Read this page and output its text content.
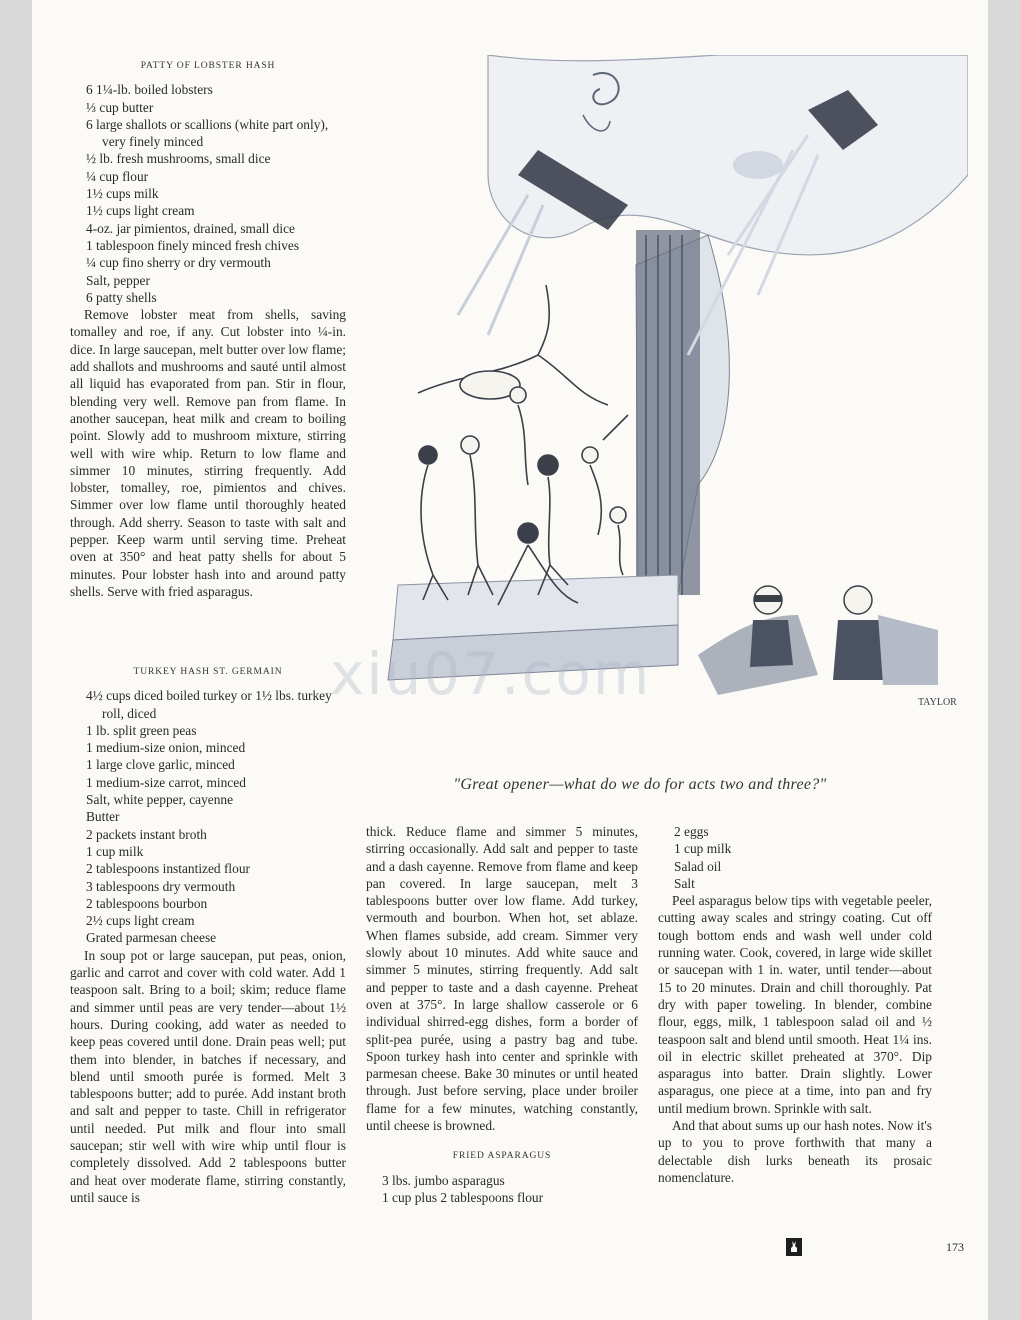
PATTY OF LOBSTER HASH
6 1¼-lb. boiled lobsters
⅓ cup butter
6 large shallots or scallions (white part only), very finely minced
½ lb. fresh mushrooms, small dice
¼ cup flour
1½ cups milk
1½ cups light cream
4-oz. jar pimientos, drained, small dice
1 tablespoon finely minced fresh chives
¼ cup fino sherry or dry vermouth
Salt, pepper
6 patty shells

Remove lobster meat from shells, saving tomalley and roe, if any. Cut lobster into ¼-in. dice. In large saucepan, melt butter over low flame; add shallots and mushrooms and sauté until almost all liquid has evaporated from pan. Stir in flour, blending very well. Remove pan from flame. In another saucepan, heat milk and cream to boiling point. Slowly add to mushroom mixture, stirring well with wire whip. Return to low flame and simmer 10 minutes, stirring frequently. Add lobster, tomalley, roe, pimientos and chives. Simmer over low flame until thoroughly heated through. Add sherry. Season to taste with salt and pepper. Keep warm until serving time. Preheat oven at 350° and heat patty shells for about 5 minutes. Pour lobster hash into and around patty shells. Serve with fried asparagus.

TURKEY HASH ST. GERMAIN
4½ cups diced boiled turkey or 1½ lbs. turkey roll, diced
1 lb. split green peas
1 medium-size onion, minced
1 large clove garlic, minced
1 medium-size carrot, minced
Salt, white pepper, cayenne
Butter
2 packets instant broth
1 cup milk
2 tablespoons instantized flour
3 tablespoons dry vermouth
2 tablespoons bourbon
2½ cups light cream
Grated parmesan cheese

In soup pot or large saucepan, put peas, onion, garlic and carrot and cover with cold water. Add 1 teaspoon salt. Bring to a boil; skim; reduce flame and simmer until peas are very tender—about 1½ hours. During cooking, add water as needed to keep peas covered until done. Drain peas well; put them into blender, in batches if necessary, and blend until smooth purée is formed. Melt 3 tablespoons butter; add to purée. Add instant broth and salt and pepper to taste. Chill in refrigerator until needed. Put milk and flour into small saucepan; stir well with wire whip until flour is completely dissolved. Add 2 tablespoons butter and heat over moderate flame, stirring constantly, until sauce is

thick. Reduce flame and simmer 5 minutes, stirring occasionally. Add salt and pepper to taste and a dash cayenne. Remove from flame and keep pan covered. In large saucepan, melt 3 tablespoons butter over low flame. Add turkey, vermouth and bourbon. When hot, set ablaze. When flames subside, add cream. Simmer very slowly about 10 minutes. Add white sauce and simmer 5 minutes, stirring frequently. Add salt and pepper to taste and a dash cayenne. Preheat oven at 375°. In large shallow casserole or 6 individual shirred-egg dishes, form a border of split-pea purée, using a pastry bag and tube. Spoon turkey hash into center and sprinkle with parmesan cheese. Bake 30 minutes or until heated through. Just before serving, place under broiler flame for a few minutes, watching constantly, until cheese is browned.

FRIED ASPARAGUS
3 lbs. jumbo asparagus
1 cup plus 2 tablespoons flour
2 eggs
1 cup milk
Salad oil
Salt

Peel asparagus below tips with vegetable peeler, cutting away scales and stringy coating. Cut off tough bottom ends and wash well under cold running water. Cook, covered, in large wide skillet or saucepan with 1 in. water, until tender—about 15 to 20 minutes. Drain and chill thoroughly. Pat dry with paper toweling. In blender, combine flour, eggs, milk, 1 tablespoon salad oil and ½ teaspoon salt and blend until smooth. Heat 1¼ ins. oil in electric skillet preheated at 370°. Dip asparagus into batter. Drain slightly. Lower asparagus, one piece at a time, into pan and fry until medium brown. Sprinkle with salt.

And that about sums up our hash notes. Now it's up to you to prove forthwith that many a delectable dish lurks beneath its prosaic nomenclature.

TAYLOR
xiu07.com
"Great opener—what do we do for acts two and three?"
173
